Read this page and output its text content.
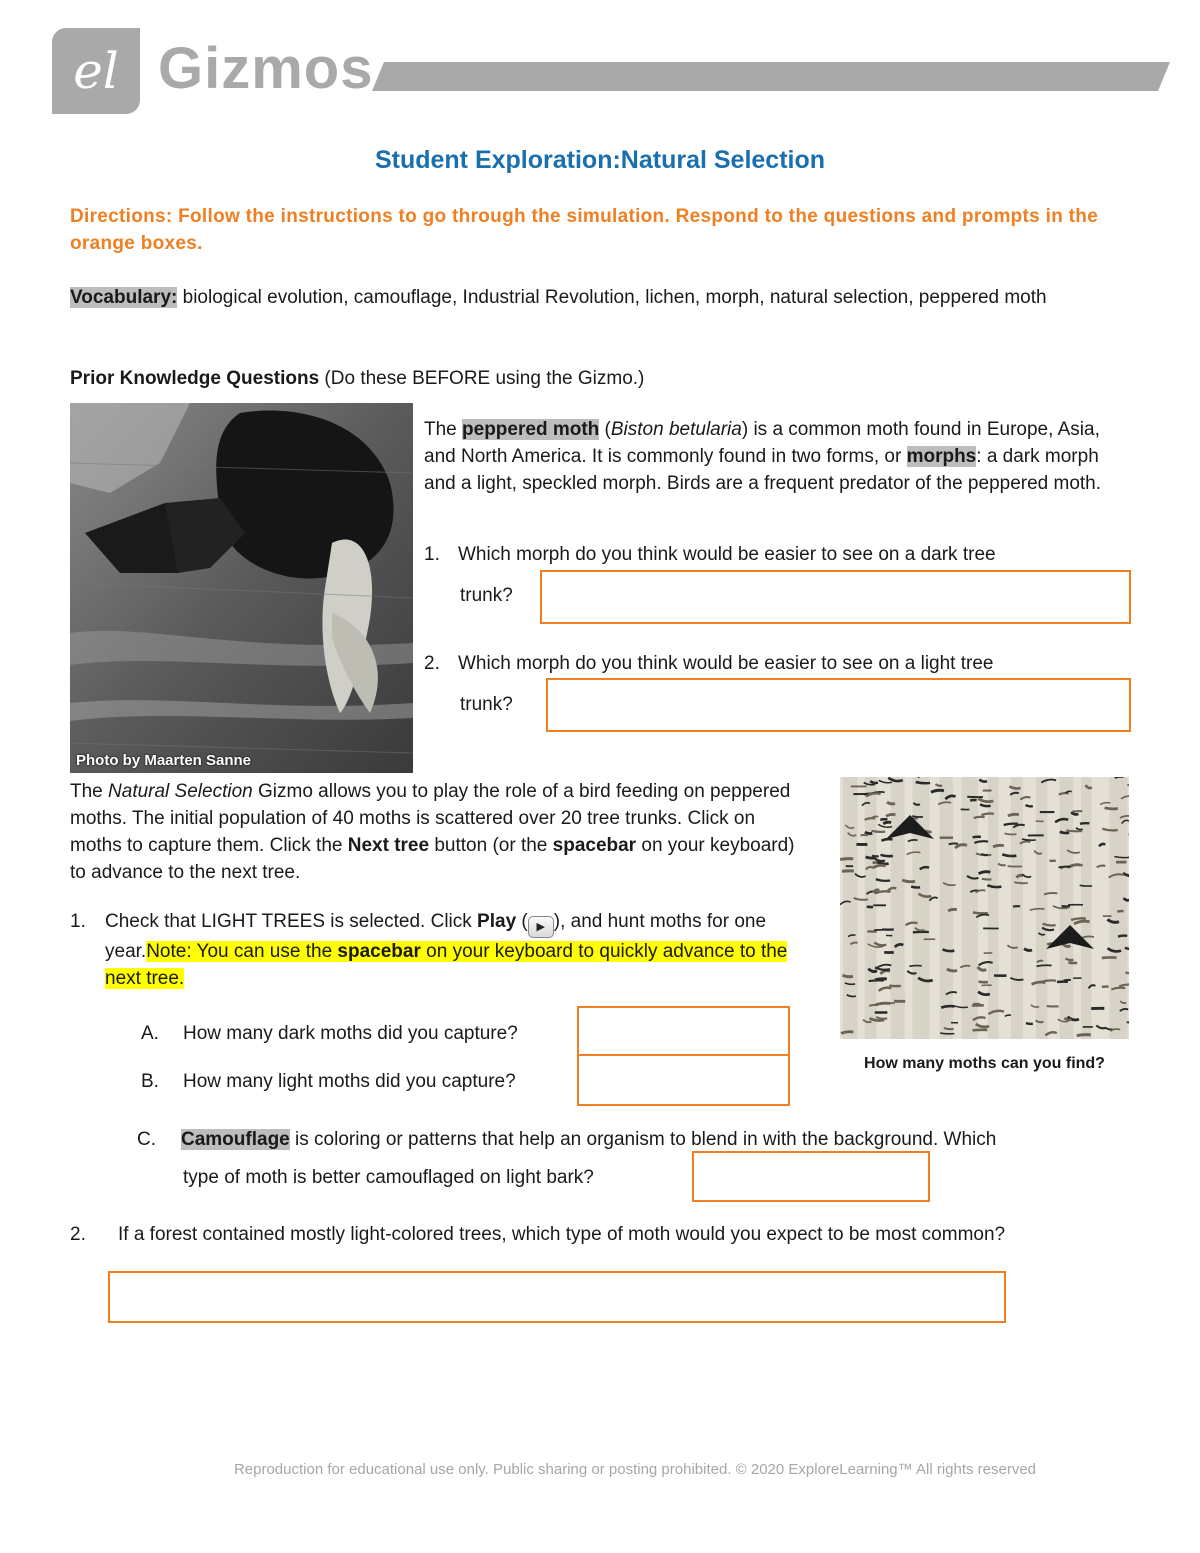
el Gizmos
Student Exploration:Natural Selection
Directions: Follow the instructions to go through the simulation. Respond to the questions and prompts in the orange boxes.
Vocabulary: biological evolution, camouflage, Industrial Revolution, lichen, morph, natural selection, peppered moth
Prior Knowledge Questions (Do these BEFORE using the Gizmo.)
Photo by Maarten Sanne
The peppered moth (Biston betularia) is a common moth found in Europe, Asia, and North America. It is commonly found in two forms, or morphs: a dark morph and a light, speckled morph. Birds are a frequent predator of the peppered moth.
1. Which morph do you think would be easier to see on a dark tree
trunk?
2. Which morph do you think would be easier to see on a light tree
trunk?
The Natural Selection Gizmo allows you to play the role of a bird feeding on peppered moths. The initial population of 40 moths is scattered over 20 tree trunks. Click on moths to capture them. Click the Next tree button (or the spacebar on your keyboard) to advance to the next tree.
How many moths can you find?
1. Check that LIGHT TREES is selected. Click Play ( ▶ ), and hunt moths for one year.Note: You can use the spacebar on your keyboard to quickly advance to the next tree.
A. How many dark moths did you capture?
B. How many light moths did you capture?
C. Camouflage is coloring or patterns that help an organism to blend in with the background. Which
type of moth is better camouflaged on light bark?
2. If a forest contained mostly light-colored trees, which type of moth would you expect to be most common?
Reproduction for educational use only. Public sharing or posting prohibited. © 2020 ExploreLearning™ All rights reserved
